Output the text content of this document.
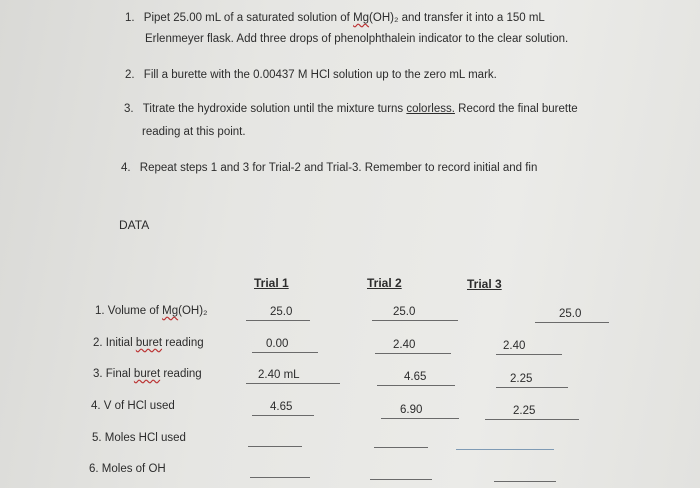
1. Pipet 25.00 mL of a saturated solution of Mg(OH)₂ and transfer it into a 150 mL
Erlenmeyer flask. Add three drops of phenolphthalein indicator to the clear solution.
2. Fill a burette with the 0.00437 M HCl solution up to the zero mL mark.
3. Titrate the hydroxide solution until the mixture turns colorless. Record the final burette
reading at this point.
4. Repeat steps 1 and 3 for Trial-2 and Trial-3. Remember to record initial and fin
DATA
Trial 1	Trial 2	Trial 3
1. Volume of Mg(OH)₂	25.0	25.0	25.0
2. Initial buret reading	0.00	2.40	2.40
3. Final buret reading	2.40 mL	4.65	2.25
4. V of HCl used	4.65	6.90	2.25
5. Moles HCl used
6. Moles of OH
